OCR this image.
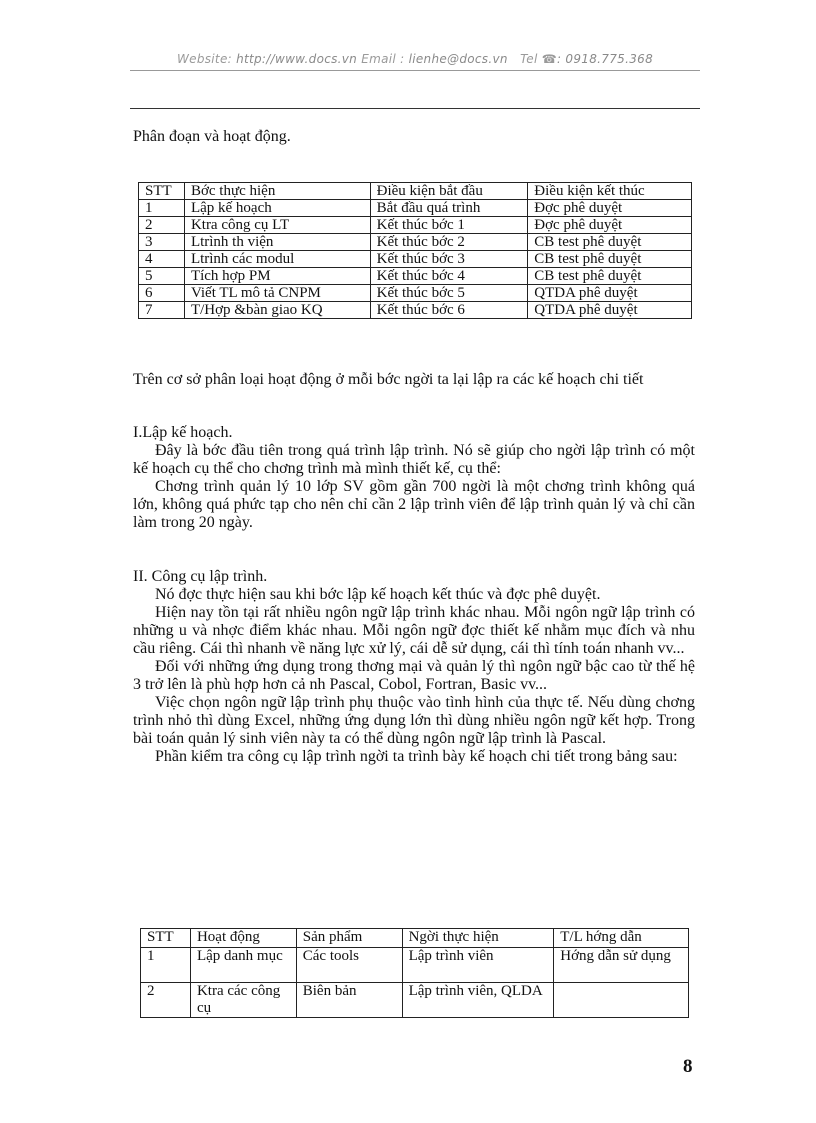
Website: http://www.docs.vn Email : lienhe@docs.vn Tel ☎: 0918.775.368
Phân đoạn và hoạt động.
STT	Bớc thực hiện	Điều kiện bắt đầu	Điều kiện kết thúc
1	Lập kế hoạch	Bắt đầu quá trình	Đợc phê duyệt
2	Ktra công cụ LT	Kết thúc bớc 1	Đợc phê duyệt
3	Ltrình th viện	Kết thúc bớc 2	CB test phê duyệt
4	Ltrình các modul	Kết thúc bớc 3	CB test phê duyệt
5	Tích hợp PM	Kết thúc bớc 4	CB test phê duyệt
6	Viết TL mô tả CNPM	Kết thúc bớc 5	QTDA phê duyệt
7	T/Hợp &bàn giao KQ	Kết thúc bớc 6	QTDA phê duyệt

Trên cơ sở phân loại hoạt động ở mỗi bớc ngời ta lại lập ra các kế hoạch chi tiết

I.Lập kế hoạch.

Đây là bớc đầu tiên trong quá trình lập trình. Nó sẽ giúp cho ngời lập trình có một kế hoạch cụ thể cho chơng trình mà mình thiết kế, cụ thể:

Chơng trình quản lý 10 lớp SV gồm gần 700 ngời là một chơng trình không quá lớn, không quá phức tạp cho nên chỉ cần 2 lập trình viên để lập trình quản lý và chỉ cần làm trong 20 ngày.

II. Công cụ lập trình.

Nó đợc thực hiện sau khi bớc lập kế hoạch kết thúc và đợc phê duyệt.

Hiện nay tồn tại rất nhiều ngôn ngữ lập trình khác nhau. Mỗi ngôn ngữ lập trình có những u và nhợc điểm khác nhau. Mỗi ngôn ngữ đợc thiết kế nhằm mục đích và nhu cầu riêng. Cái thì nhanh về năng lực xử lý, cái dễ sử dụng, cái thì tính toán nhanh vv...

Đối với những ứng dụng trong thơng mại và quản lý thì ngôn ngữ bậc cao từ thế hệ 3 trở lên là phù hợp hơn cả nh Pascal, Cobol, Fortran, Basic vv...

Việc chọn ngôn ngữ lập trình phụ thuộc vào tình hình của thực tế. Nếu dùng chơng trình nhỏ thì dùng Excel, những ứng dụng lớn thì dùng nhiều ngôn ngữ kết hợp. Trong bài toán quản lý sinh viên này ta có thể dùng ngôn ngữ lập trình là Pascal.

Phần kiểm tra công cụ lập trình ngời ta trình bày kế hoạch chi tiết trong bảng sau:

STT	Hoạt động	Sản phẩm	Ngời thực hiện	T/L hớng dẫn
1	Lập danh mục	Các tools	Lập trình viên	Hớng dẫn sử dụng
2	Ktra các công cụ	Biên bản	Lập trình viên, QLDA	
8
